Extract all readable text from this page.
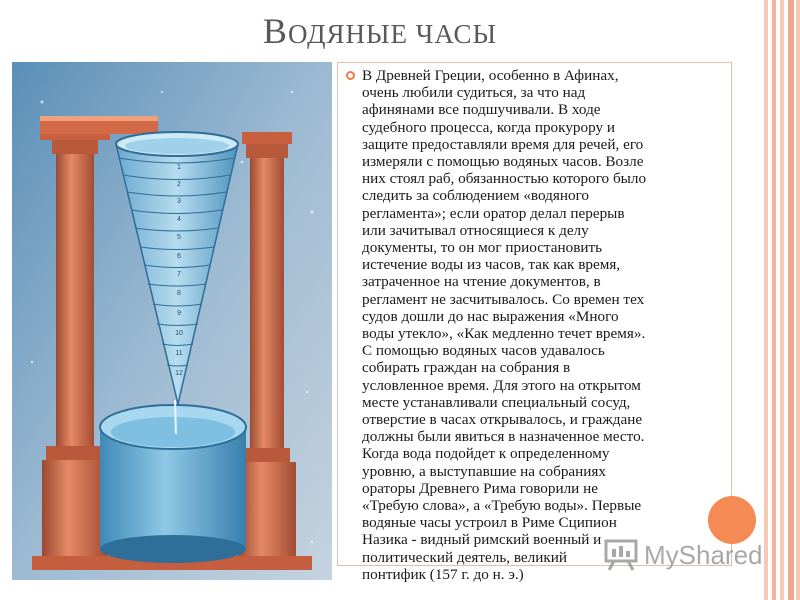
ВОДЯНЫЕ ЧАСЫ
1
2
3
4
5
6
7
8
9
10
11
12
В Древней Греции, особенно в Афинах,
очень любили судиться, за что над
афинянами все подшучивали. В ходе
судебного процесса, когда прокурору и
защите предоставляли время для речей, его
измеряли с помощью водяных часов. Возле
них стоял раб, обязанностью которого было
следить за соблюдением «водяного
регламента»; если оратор делал перерыв
или зачитывал относящиеся к делу
документы, то он мог приостановить
истечение воды из часов, так как время,
затраченное на чтение документов, в
регламент не засчитывалось. Со времен тех
судов дошли до нас выражения «Много
воды утекло», «Как медленно течет время».
С помощью водяных часов удавалось
собирать граждан на собрания в
условленное время. Для этого на открытом
месте устанавливали специальный сосуд,
отверстие в часах открывалось, и граждане
должны были явиться в назначенное место.
Когда вода подойдет к определенному
уровню, а выступавшие на собраниях
ораторы Древнего Рима говорили не
«Требую слова», а «Требую воды». Первые
водяные часы устроил в Риме Сципион
Назика - видный римский военный и
политический деятель, великий
понтифик (157 г. до н. э.)
MyShared
